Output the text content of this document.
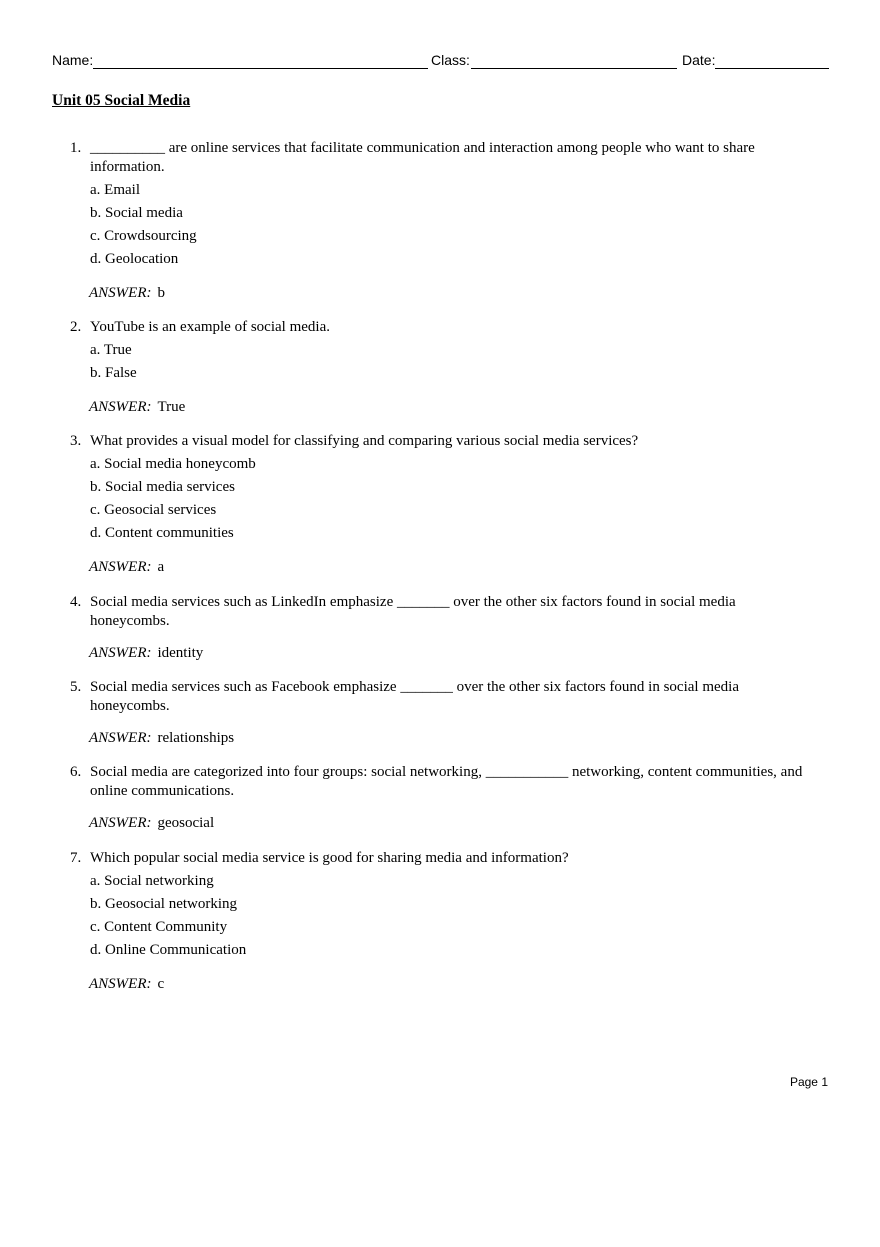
Name:	Class:	Date:
Unit 05 Social Media
1. __________ are online services that facilitate communication and interaction among people who want to share information.
a. Email
b. Social media
c. Crowdsourcing
d. Geolocation
ANSWER: b
2. YouTube is an example of social media.
a. True
b. False
ANSWER: True
3. What provides a visual model for classifying and comparing various social media services?
a. Social media honeycomb
b. Social media services
c. Geosocial services
d. Content communities
ANSWER: a
4. Social media services such as LinkedIn emphasize _______ over the other six factors found in social media honeycombs.
ANSWER: identity
5. Social media services such as Facebook emphasize _______ over the other six factors found in social media honeycombs.
ANSWER: relationships
6. Social media are categorized into four groups: social networking, ___________ networking, content communities, and online communications.
ANSWER: geosocial
7. Which popular social media service is good for sharing media and information?
a. Social networking
b. Geosocial networking
c. Content Community
d. Online Communication
ANSWER: c
Page 1
